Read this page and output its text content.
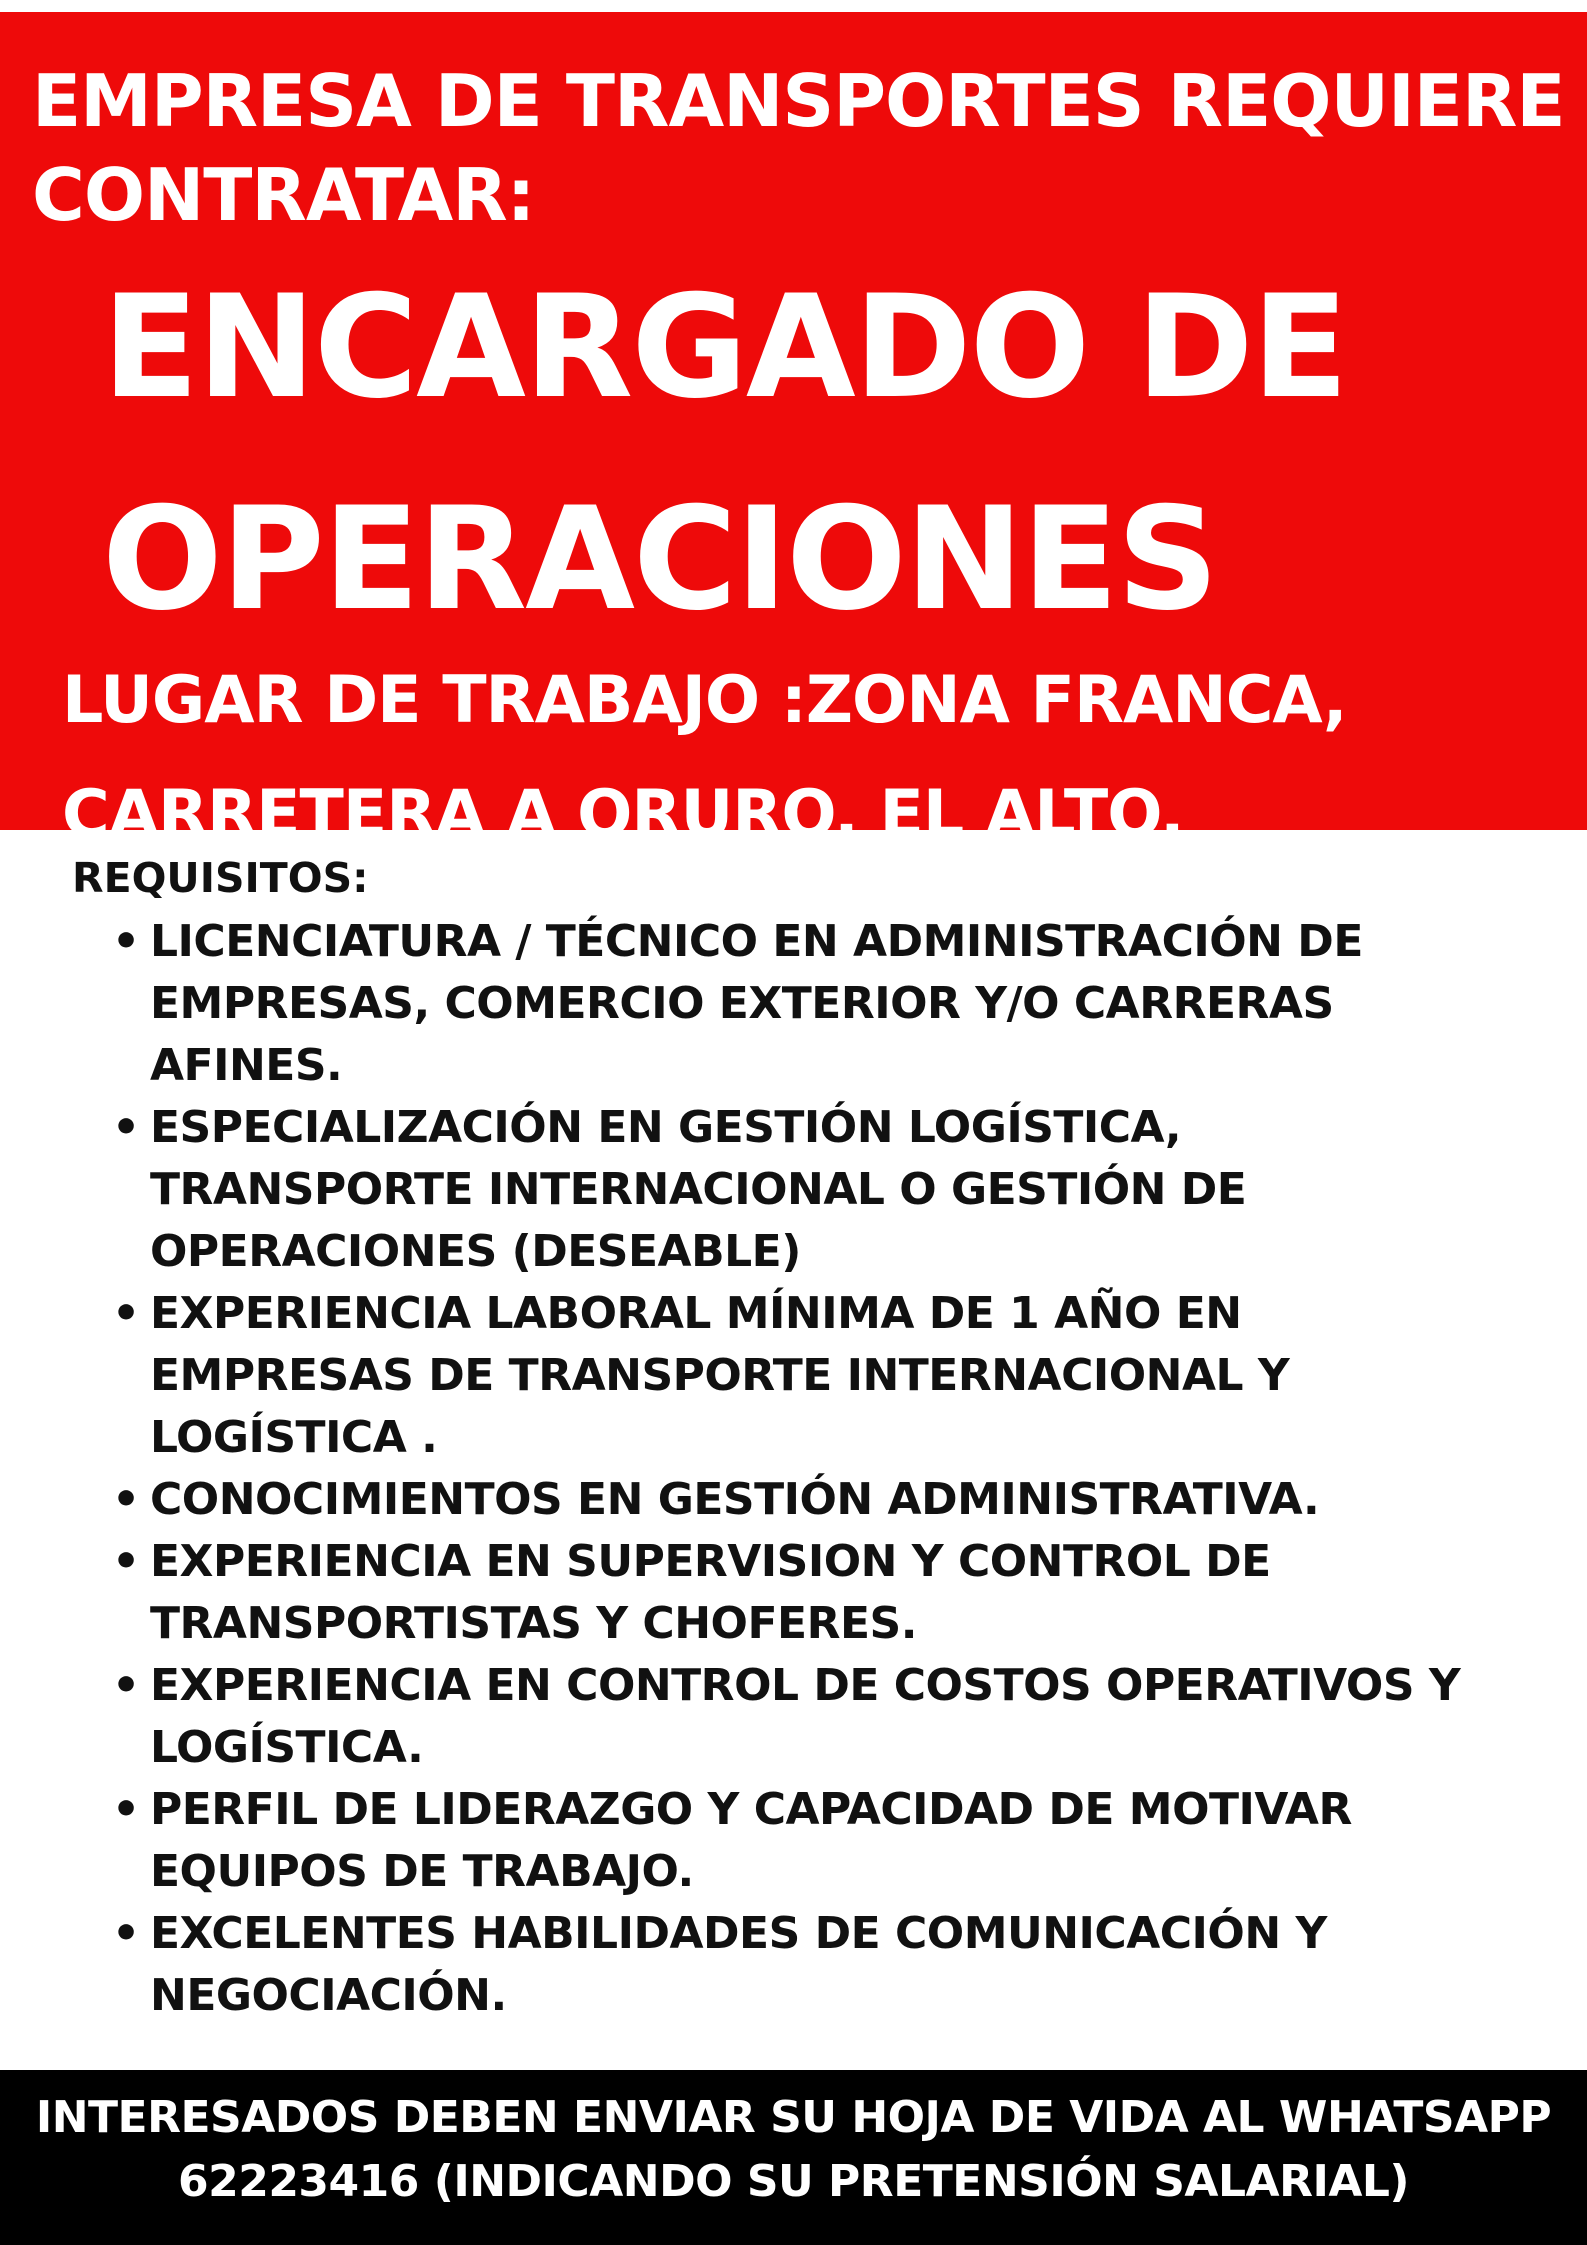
EMPRESA DE TRANSPORTES REQUIERE
CONTRATAR:

ENCARGADO DE
OPERACIONES

LUGAR DE TRABAJO :ZONA FRANCA,
CARRETERA A ORURO, EL ALTO.

REQUISITOS:
• LICENCIATURA / TÉCNICO EN ADMINISTRACIÓN DE
EMPRESAS, COMERCIO EXTERIOR Y/O CARRERAS
AFINES.
• ESPECIALIZACIÓN EN GESTIÓN LOGÍSTICA,
TRANSPORTE INTERNACIONAL O GESTIÓN DE
OPERACIONES (DESEABLE)
• EXPERIENCIA LABORAL MÍNIMA DE 1 AÑO EN
EMPRESAS DE TRANSPORTE INTERNACIONAL Y
LOGÍSTICA .
• CONOCIMIENTOS EN GESTIÓN ADMINISTRATIVA.
• EXPERIENCIA EN SUPERVISION Y CONTROL DE
TRANSPORTISTAS Y CHOFERES.
• EXPERIENCIA EN CONTROL DE COSTOS OPERATIVOS Y
LOGÍSTICA.
• PERFIL DE LIDERAZGO Y CAPACIDAD DE MOTIVAR
EQUIPOS DE TRABAJO.
• EXCELENTES HABILIDADES DE COMUNICACIÓN Y
NEGOCIACIÓN.

INTERESADOS DEBEN ENVIAR SU HOJA DE VIDA AL WHATSAPP
62223416 (INDICANDO SU PRETENSIÓN SALARIAL)
